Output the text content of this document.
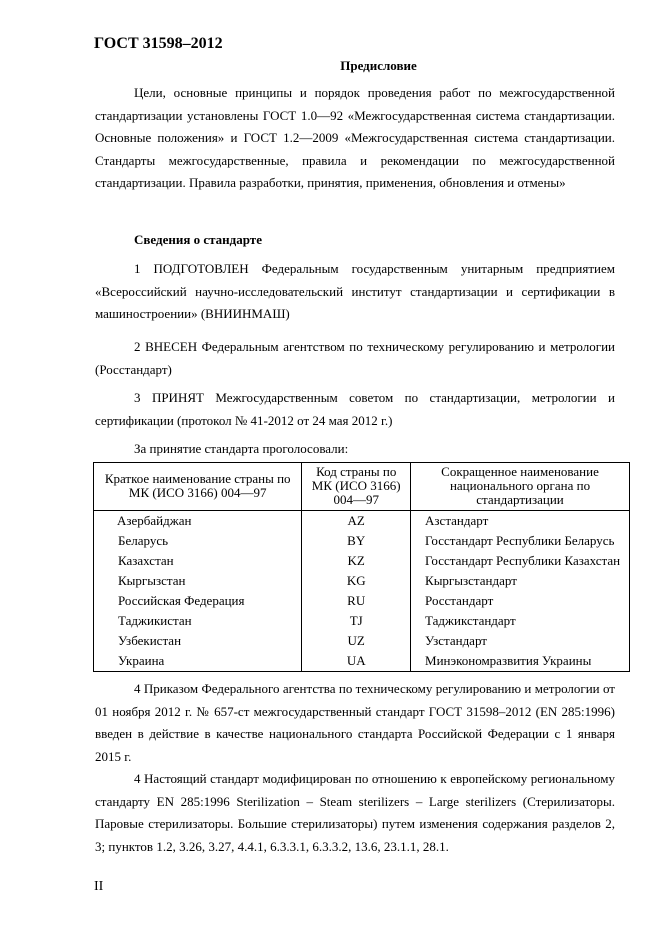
ГОСТ 31598–2012
Предисловие

Цели, основные принципы и порядок проведения работ по межгосударственной стандартизации установлены ГОСТ 1.0—92 «Межгосударственная система стандартизации. Основные положения» и ГОСТ 1.2—2009 «Межгосударственная система стандартизации. Стандарты межгосударственные, правила и рекомендации по межгосударственной стандартизации. Правила разработки, принятия, применения, обновления и отмены»

Сведения о стандарте

1 ПОДГОТОВЛЕН Федеральным государственным унитарным предприятием «Всероссийский научно-исследовательский институт стандартизации и сертификации в машиностроении» (ВНИИНМАШ)

2 ВНЕСЕН Федеральным агентством по техническому регулированию и метрологии (Росстандарт)

3 ПРИНЯТ Межгосударственным советом по стандартизации, метрологии и сертификации (протокол № 41-2012 от 24 мая 2012 г.)

За принятие стандарта проголосовали:
Краткое наименование страны по МК (ИСО 3166) 004—97	Код страны по МК (ИСО 3166) 004—97	Сокращенное наименование национального органа по стандартизации
Азербайджан	AZ	Азстандарт
Беларусь	BY	Госстандарт Республики Беларусь
Казахстан	KZ	Госстандарт Республики Казахстан
Кыргызстан	KG	Кыргызстандарт
Российская Федерация	RU	Росстандарт
Таджикистан	TJ	Таджикстандарт
Узбекистан	UZ	Узстандарт
Украина	UA	Минэкономразвития Украины

4 Приказом Федерального агентства по техническому регулированию и метрологии от 01 ноября 2012 г. № 657-ст межгосударственный стандарт ГОСТ 31598–2012 (EN 285:1996) введен в действие в качестве национального стандарта Российской Федерации с 1 января 2015 г.

4 Настоящий стандарт модифицирован по отношению к европейскому региональному стандарту EN 285:1996 Sterilization – Steam sterilizers – Large sterilizers (Стерилизаторы. Паровые стерилизаторы. Большие стерилизаторы) путем изменения содержания разделов 2, 3; пунктов 1.2, 3.26, 3.27, 4.4.1, 6.3.3.1, 6.3.3.2, 13.6, 23.1.1, 28.1.

II
